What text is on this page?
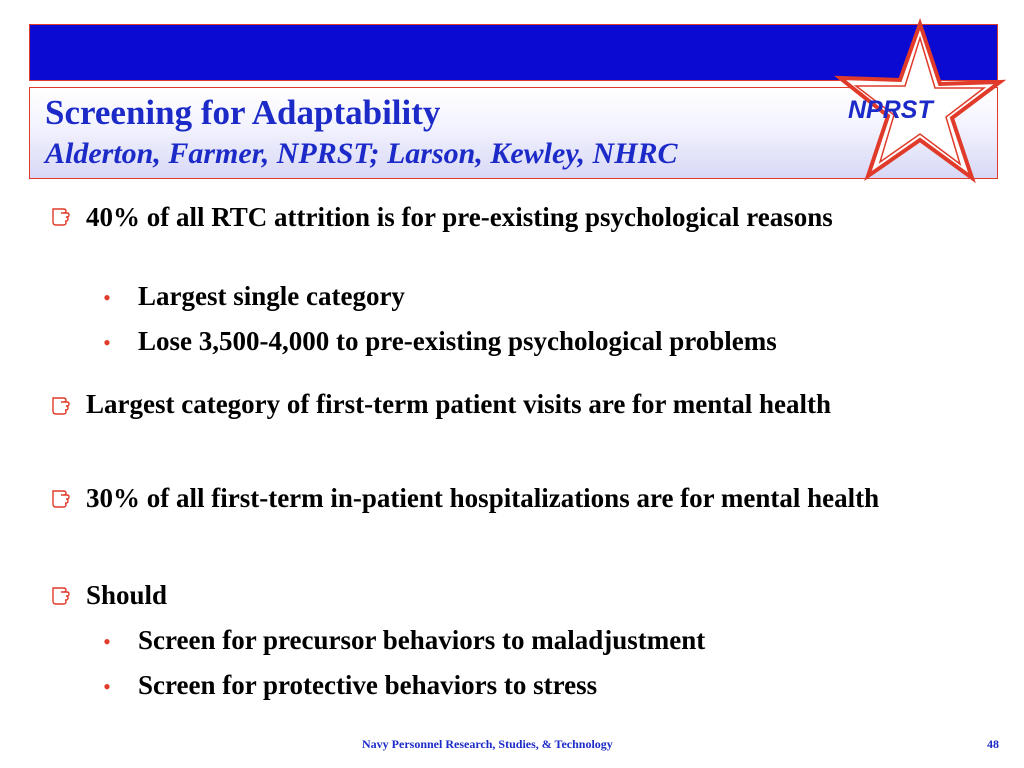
Screening for Adaptability
Alderton, Farmer, NPRST; Larson, Kewley, NHRC
NPRST

40% of all RTC attrition is for pre-existing psychological reasons

• Largest single category

• Lose 3,500-4,000 to pre-existing psychological problems

Largest category of first-term patient visits are for mental health

30% of all first-term in-patient hospitalizations are for mental health

Should

• Screen for precursor behaviors to maladjustment

• Screen for protective behaviors to stress

Navy Personnel Research, Studies, & Technology	48
